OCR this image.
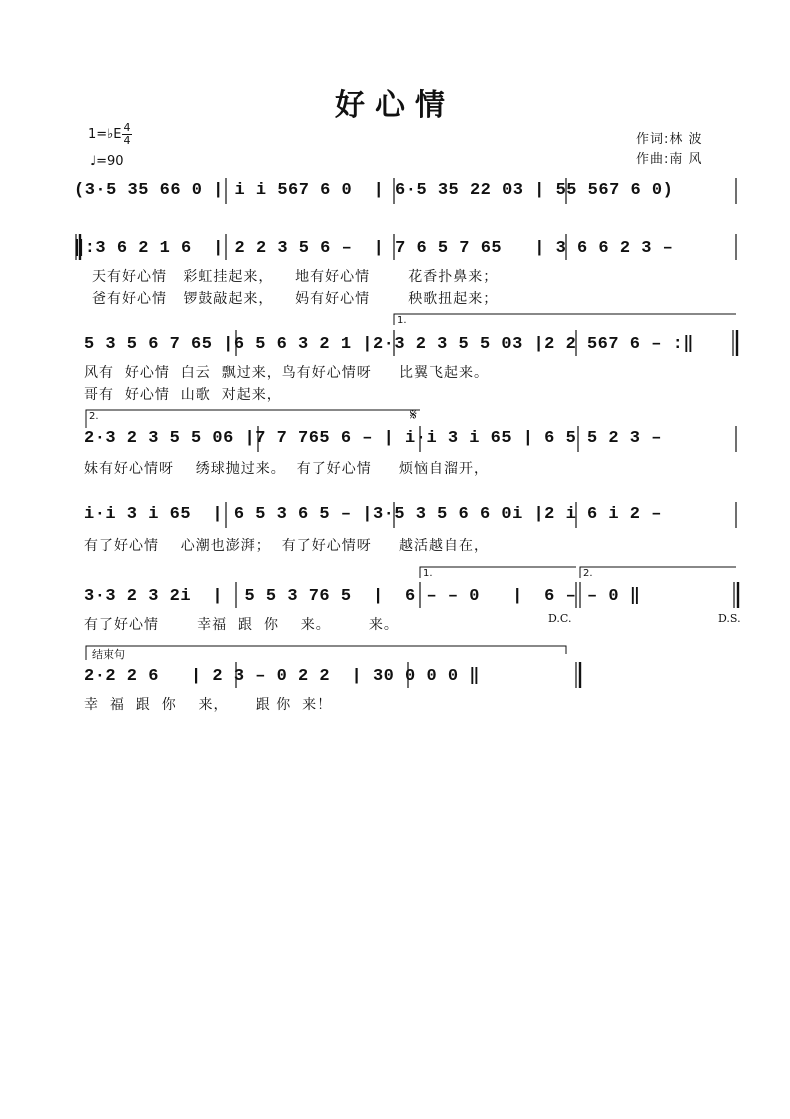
好心情
1=♭E 4
4
♩=90
作词:林 波
作曲:南 风
(3·5 35 66 0 | i i 567 6 0  | 6·5 35 22 03 | 55 567 6 0)
‖:3 6 2 1 6  | 2 2 3 5 6 –  | 7 6 5 7 65   | 3 6 6 2 3 –
天有好心情   彩虹挂起来，    地有好心情       花香扑鼻来；
爸有好心情   锣鼓敲起来，    妈有好心情       秧歌扭起来；
1.
5 3 5 6 7 65 |6 5 6 3 2 1 |2·3 2 3 5 5 03 |2 2 567 6 – :‖
风有  好心情  白云  飘过来，鸟有好心情呀     比翼飞起来。
哥有  好心情  山歌  对起来，
2.	𝄋
2·3 2 3 5 5 06 |7 7 765 6 – | i·i 3 i 65 | 6 5 5 2 3 –
妹有好心情呀    绣球抛过来。  有了好心情     烦恼自溜开，
i·i 3 i 65  | 6 5 3 6 5 – |3·5 3 5 6 6 0i |2 i 6 i 2 –
有了好心情    心潮也澎湃；  有了好心情呀     越活越自在，
1.	2.
3·3 2 3 2i  |  5 5 3 76 5  |  6 – – 0   |  6 – – 0 ‖
有了好心情       幸福  跟  你    来。       来。	D.C.	D.S.
结束句
2·2 2 6   | 2 3 – 0 2 2  | 30 0 0 0 ‖
幸  福  跟  你    来，     跟 你  来！
